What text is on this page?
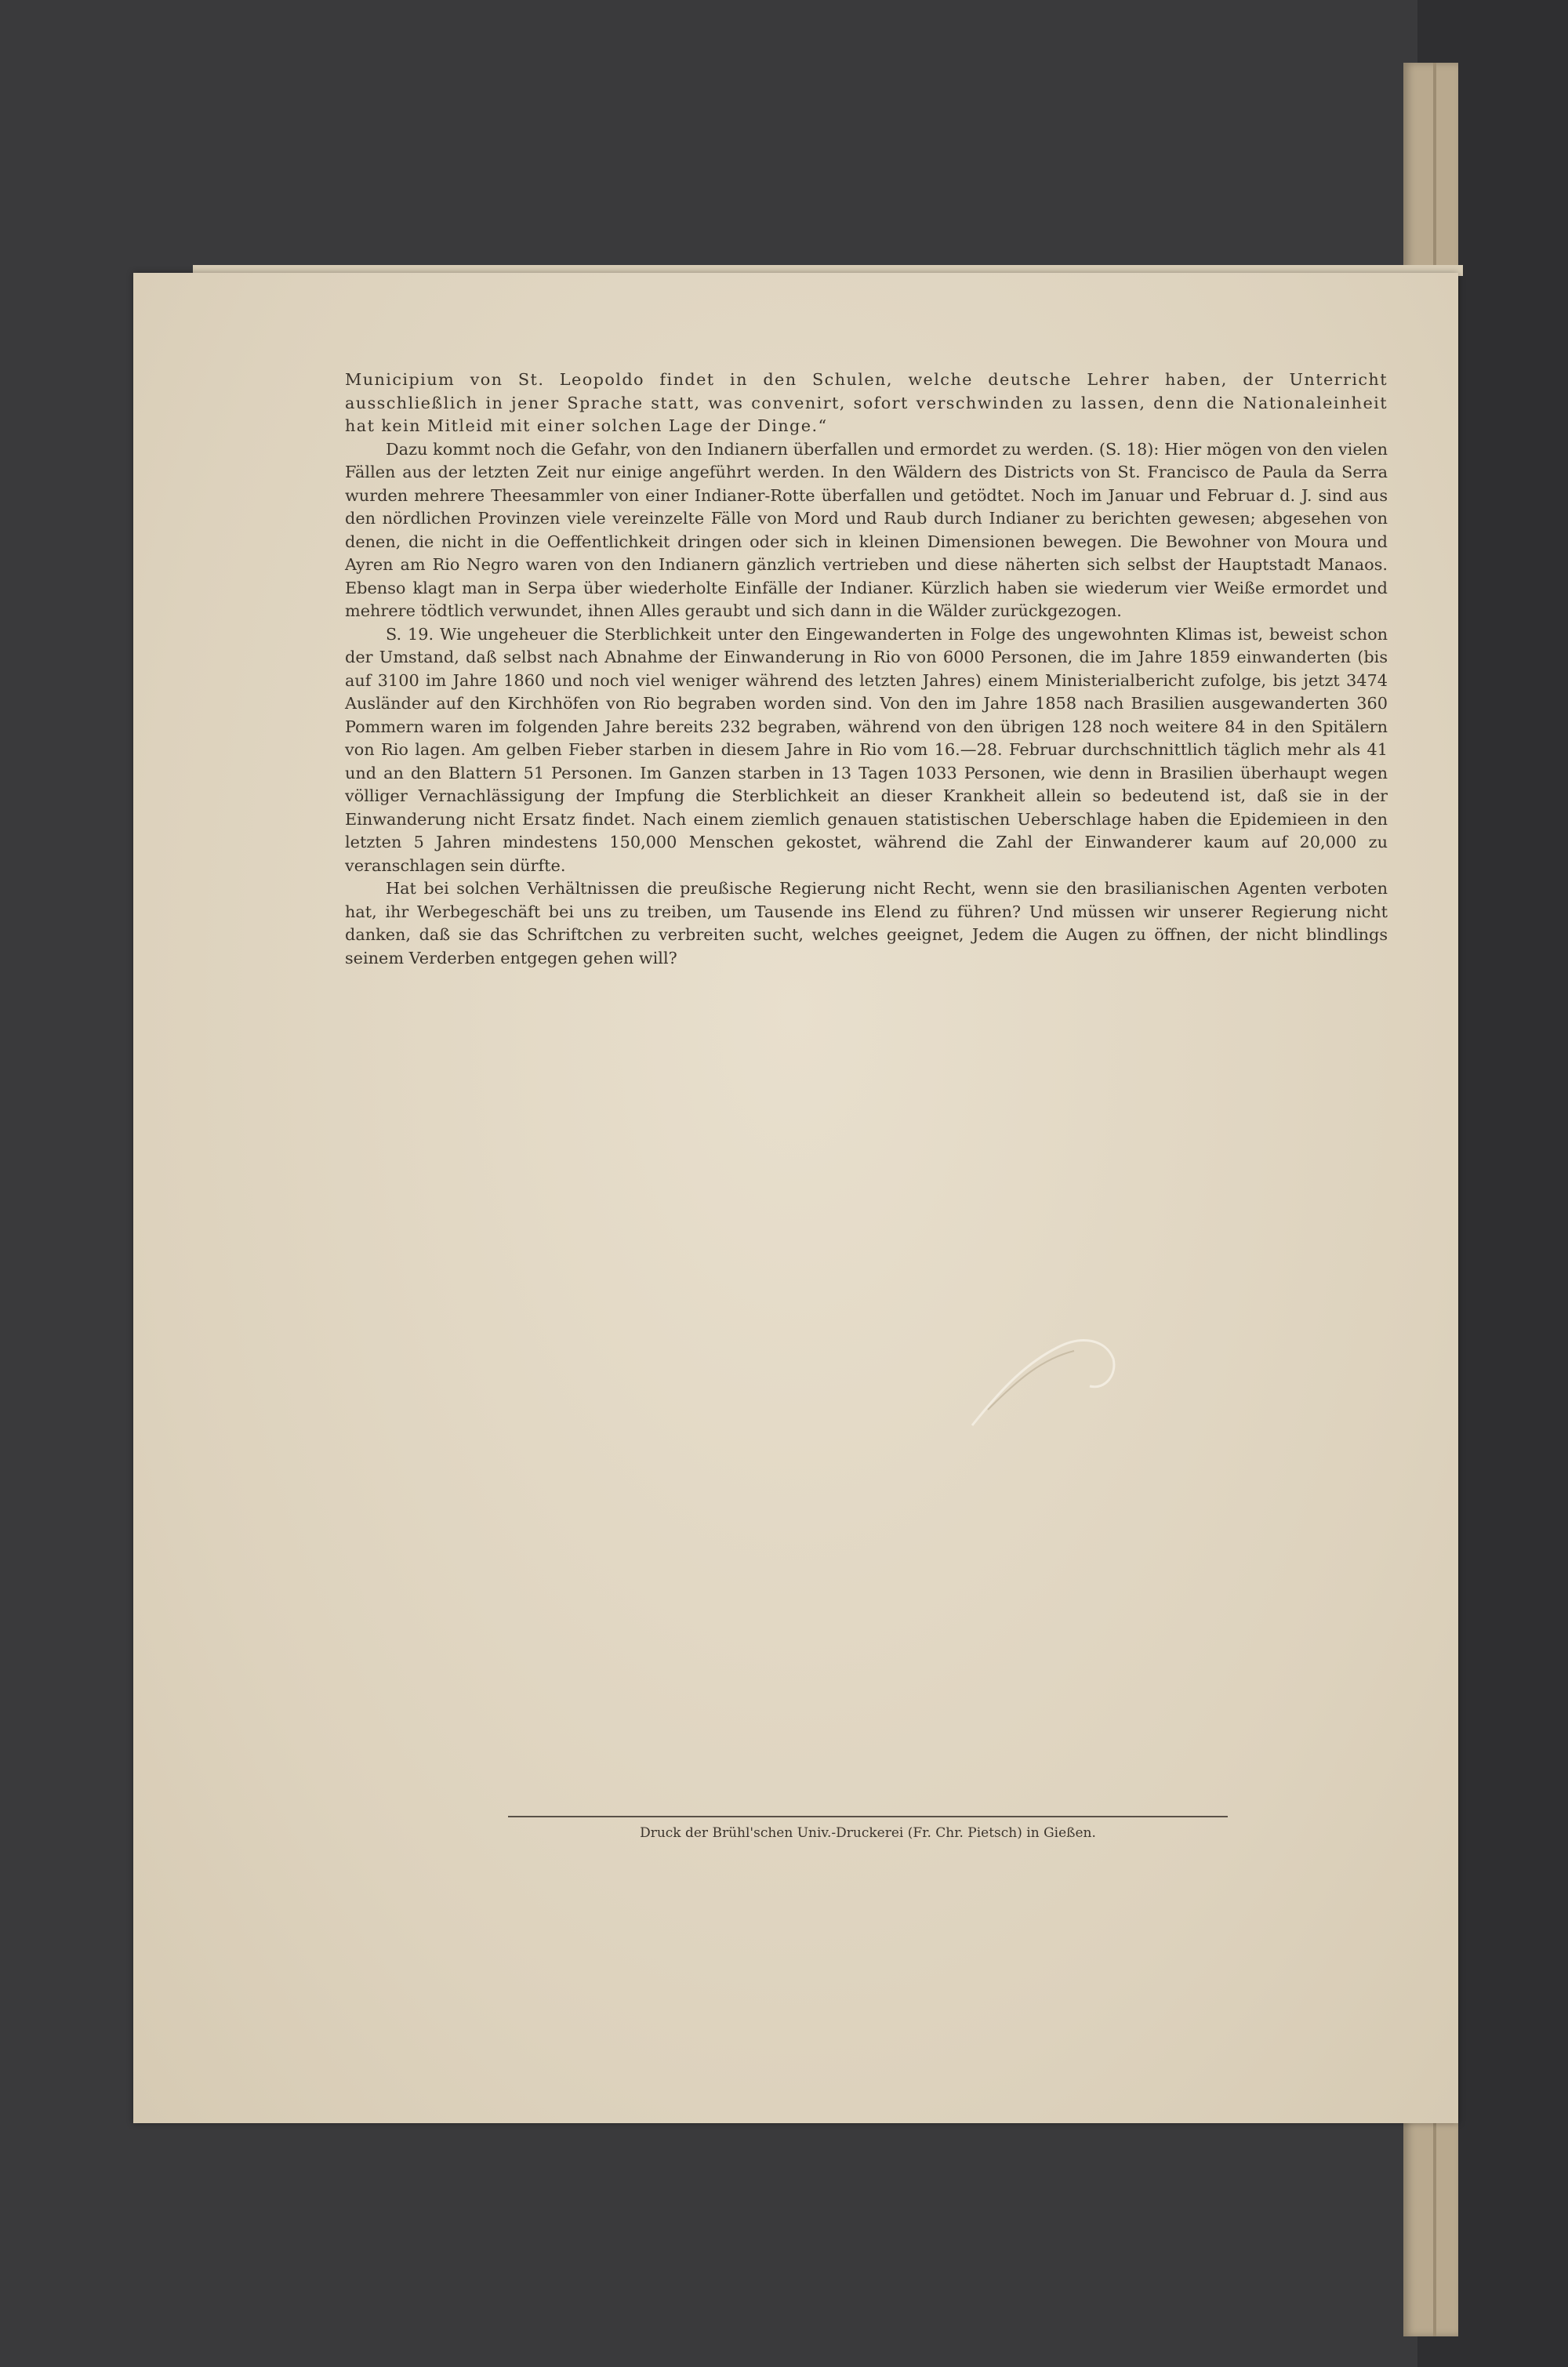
Municipium von St. Leopoldo findet in den Schulen, welche deutsche Lehrer haben, der Unterricht ausschließlich in jener Sprache statt, was convenirt, sofort verschwinden zu lassen, denn die Nationaleinheit hat kein Mitleid mit einer solchen Lage der Dinge.“

Dazu kommt noch die Gefahr, von den Indianern überfallen und ermordet zu werden. (S. 18): Hier mögen von den vielen Fällen aus der letzten Zeit nur einige angeführt werden. In den Wäldern des Districts von St. Francisco de Paula da Serra wurden mehrere Theesammler von einer Indianer-Rotte überfallen und getödtet. Noch im Januar und Februar d. J. sind aus den nördlichen Provinzen viele vereinzelte Fälle von Mord und Raub durch Indianer zu berichten gewesen; abgesehen von denen, die nicht in die Oeffentlichkeit dringen oder sich in kleinen Dimensionen bewegen. Die Bewohner von Moura und Ayren am Rio Negro waren von den Indianern gänzlich vertrieben und diese näherten sich selbst der Hauptstadt Manaos. Ebenso klagt man in Serpa über wiederholte Einfälle der Indianer. Kürzlich haben sie wiederum vier Weiße ermordet und mehrere tödtlich verwundet, ihnen Alles geraubt und sich dann in die Wälder zurückgezogen.

S. 19. Wie ungeheuer die Sterblichkeit unter den Eingewanderten in Folge des ungewohnten Klimas ist, beweist schon der Umstand, daß selbst nach Abnahme der Einwanderung in Rio von 6000 Personen, die im Jahre 1859 einwanderten (bis auf 3100 im Jahre 1860 und noch viel weniger während des letzten Jahres) einem Ministerialbericht zufolge, bis jetzt 3474 Ausländer auf den Kirchhöfen von Rio begraben worden sind. Von den im Jahre 1858 nach Brasilien ausgewanderten 360 Pommern waren im folgenden Jahre bereits 232 begraben, während von den übrigen 128 noch weitere 84 in den Spitälern von Rio lagen. Am gelben Fieber starben in diesem Jahre in Rio vom 16.—28. Februar durchschnittlich täglich mehr als 41 und an den Blattern 51 Personen. Im Ganzen starben in 13 Tagen 1033 Personen, wie denn in Brasilien überhaupt wegen völliger Vernachlässigung der Impfung die Sterblichkeit an dieser Krankheit allein so bedeutend ist, daß sie in der Einwanderung nicht Ersatz findet. Nach einem ziemlich genauen statistischen Ueberschlage haben die Epidemieen in den letzten 5 Jahren mindestens 150,000 Menschen gekostet, während die Zahl der Einwanderer kaum auf 20,000 zu veranschlagen sein dürfte.

Hat bei solchen Verhältnissen die preußische Regierung nicht Recht, wenn sie den brasilianischen Agenten verboten hat, ihr Werbegeschäft bei uns zu treiben, um Tausende ins Elend zu führen? Und müssen wir unserer Regierung nicht danken, daß sie das Schriftchen zu verbreiten sucht, welches geeignet, Jedem die Augen zu öffnen, der nicht blindlings seinem Verderben entgegen gehen will?

Druck der Brühl'schen Univ.-Druckerei (Fr. Chr. Pietsch) in Gießen.
